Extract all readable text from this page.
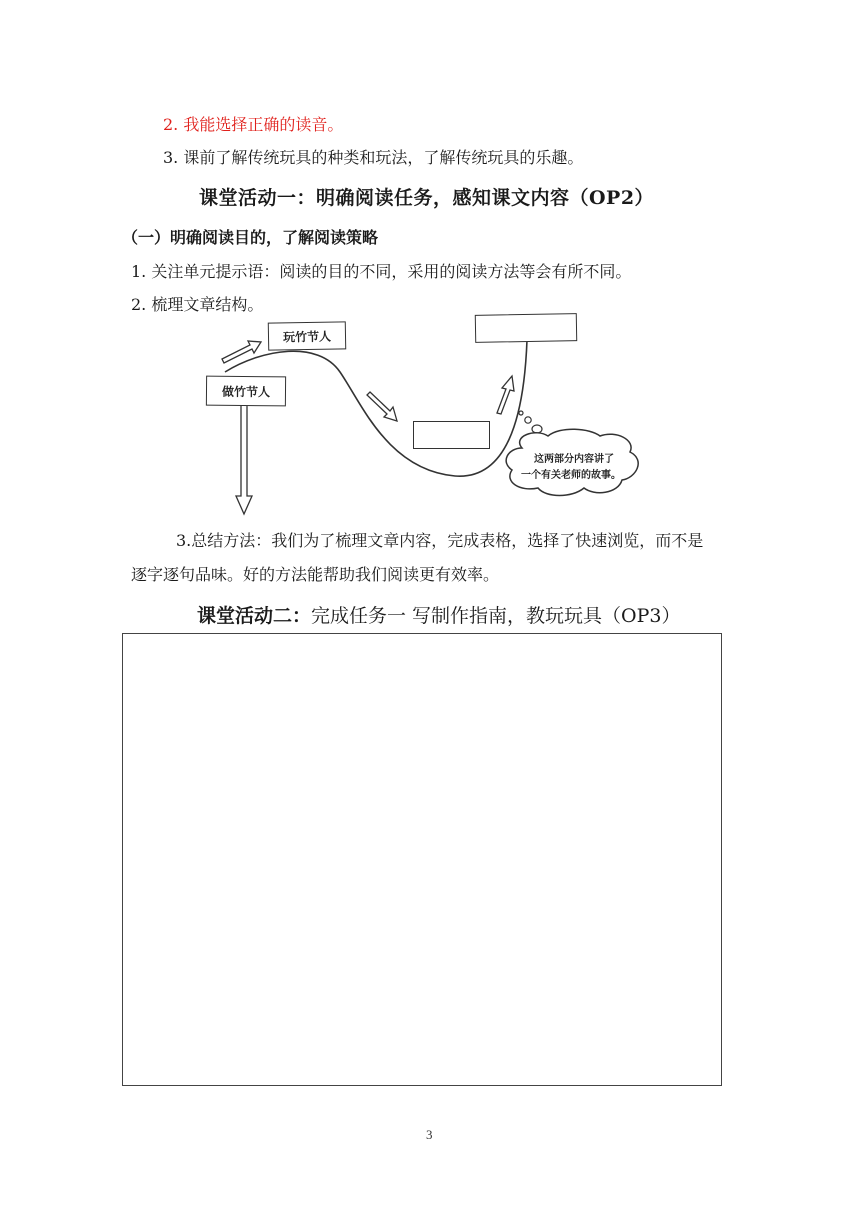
2. 我能选择正确的读音。
3. 课前了解传统玩具的种类和玩法，了解传统玩具的乐趣。
课堂活动一：明确阅读任务，感知课文内容（OP2）
（一）明确阅读目的，了解阅读策略
1. 关注单元提示语：阅读的目的不同，采用的阅读方法等会有所不同。
2. 梳理文章结构。
这两部分内容讲了
一个有关老师的故事。
玩竹节人
做竹节人
3.总结方法：我们为了梳理文章内容，完成表格，选择了快速浏览，而不是
逐字逐句品味。好的方法能帮助我们阅读更有效率。
课堂活动二：完成任务一 写制作指南，教玩玩具（OP3）
3
